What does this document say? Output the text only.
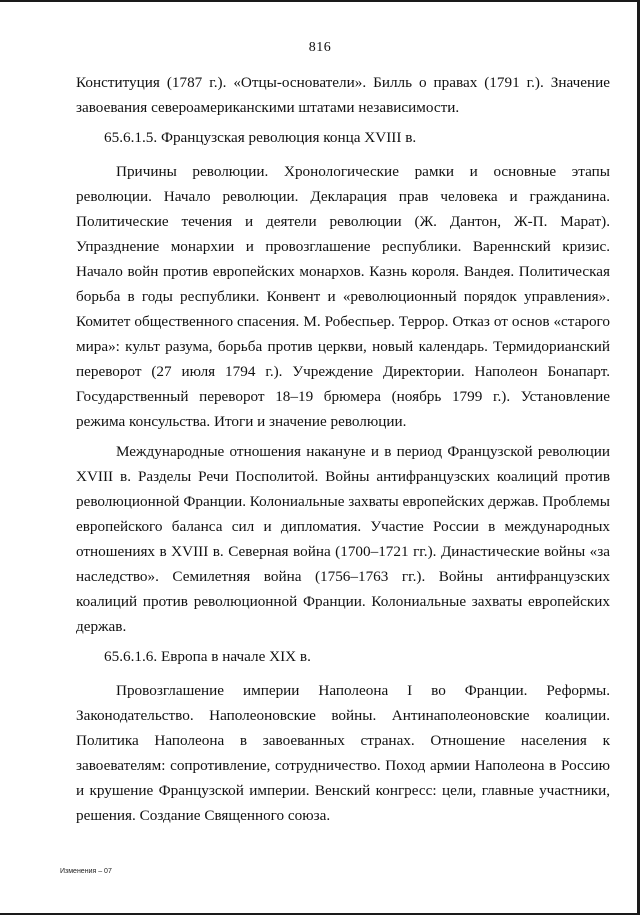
816

Конституция (1787 г.). «Отцы-основатели». Билль о правах (1791 г.). Значение завоевания североамериканскими штатами независимости.

65.6.1.5. Французская революция конца XVIII в.

Причины революции. Хронологические рамки и основные этапы революции. Начало революции. Декларация прав человека и гражданина. Политические течения и деятели революции (Ж. Дантон, Ж-П. Марат). Упразднение монархии и провозглашение республики. Вареннский кризис. Начало войн против европейских монархов. Казнь короля. Вандея. Политическая борьба в годы республики. Конвент и «революционный порядок управления». Комитет общественного спасения. М. Робеспьер. Террор. Отказ от основ «старого мира»: культ разума, борьба против церкви, новый календарь. Термидорианский переворот (27 июля 1794 г.). Учреждение Директории. Наполеон Бонапарт. Государственный переворот 18–19 брюмера (ноябрь 1799 г.). Установление режима консульства. Итоги и значение революции.

Международные отношения накануне и в период Французской революции XVIII в. Разделы Речи Посполитой. Войны антифранцузских коалиций против революционной Франции. Колониальные захваты европейских держав. Проблемы европейского баланса сил и дипломатия. Участие России в международных отношениях в XVIII в. Северная война (1700–1721 гг.). Династические войны «за наследство». Семилетняя война (1756–1763 гг.). Войны антифранцузских коалиций против революционной Франции. Колониальные захваты европейских держав.

65.6.1.6. Европа в начале XIX в.

Провозглашение империи Наполеона I во Франции. Реформы. Законодательство. Наполеоновские войны. Антинаполеоновские коалиции. Политика Наполеона в завоеванных странах. Отношение населения к завоевателям: сопротивление, сотрудничество. Поход армии Наполеона в Россию и крушение Французской империи. Венский конгресс: цели, главные участники, решения. Создание Священного союза.

Изменения – 07
